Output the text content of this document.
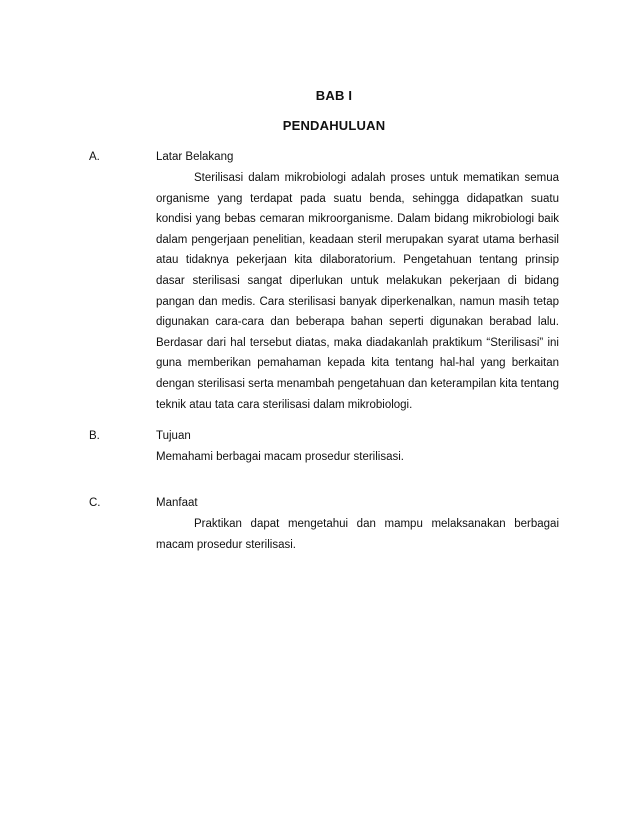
BAB I
PENDAHULUAN
A.	Latar Belakang
Sterilisasi dalam mikrobiologi adalah proses untuk mematikan semua organisme yang terdapat pada suatu benda, sehingga didapatkan suatu kondisi yang bebas cemaran mikroorganisme. Dalam bidang mikrobiologi baik dalam pengerjaan penelitian, keadaan steril merupakan syarat utama berhasil atau tidaknya pekerjaan kita dilaboratorium. Pengetahuan tentang prinsip dasar sterilisasi sangat diperlukan untuk melakukan pekerjaan di bidang pangan dan medis. Cara sterilisasi banyak diperkenalkan, namun masih tetap digunakan cara-cara dan beberapa bahan seperti digunakan berabad lalu. Berdasar dari hal tersebut diatas, maka diadakanlah praktikum “Sterilisasi” ini guna memberikan pemahaman kepada kita tentang hal-hal yang berkaitan dengan sterilisasi serta menambah pengetahuan dan keterampilan kita tentang teknik atau tata cara sterilisasi dalam mikrobiologi.
B.	Tujuan
Memahami berbagai macam prosedur sterilisasi.
C.	Manfaat
Praktikan dapat mengetahui dan mampu melaksanakan berbagai macam prosedur sterilisasi.
